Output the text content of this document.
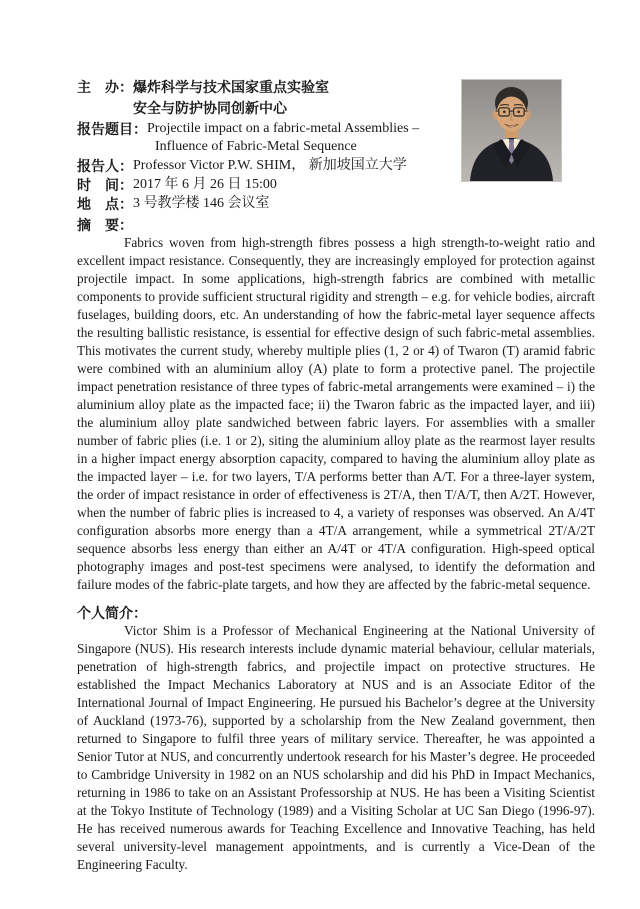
主　办：爆炸科学与技术国家重点实验室
安全与防护协同创新中心
报告题目：Projectile impact on a fabric-metal Assemblies –
Influence of Fabric-Metal Sequence
报告人：Professor Victor P.W. SHIM， 新加坡国立大学
时　间：2017 年 6 月 26 日 15:00
地　点：3 号教学楼 146 会议室
摘　要：

Fabrics woven from high-strength fibres possess a high strength-to-weight ratio and excellent impact resistance. Consequently, they are increasingly employed for protection against projectile impact. In some applications, high-strength fabrics are combined with metallic components to provide sufficient structural rigidity and strength – e.g. for vehicle bodies, aircraft fuselages, building doors, etc. An understanding of how the fabric-metal layer sequence affects the resulting ballistic resistance, is essential for effective design of such fabric-metal assemblies. This motivates the current study, whereby multiple plies (1, 2 or 4) of Twaron (T) aramid fabric were combined with an aluminium alloy (A) plate to form a protective panel. The projectile impact penetration resistance of three types of fabric-metal arrangements were examined – i) the aluminium alloy plate as the impacted face; ii) the Twaron fabric as the impacted layer, and iii) the aluminium alloy plate sandwiched between fabric layers. For assemblies with a smaller number of fabric plies (i.e. 1 or 2), siting the aluminium alloy plate as the rearmost layer results in a higher impact energy absorption capacity, compared to having the aluminium alloy plate as the impacted layer – i.e. for two layers, T/A performs better than A/T. For a three-layer system, the order of impact resistance in order of effectiveness is 2T/A, then T/A/T, then A/2T. However, when the number of fabric plies is increased to 4, a variety of responses was observed. An A/4T configuration absorbs more energy than a 4T/A arrangement, while a symmetrical 2T/A/2T sequence absorbs less energy than either an A/4T or 4T/A configuration. High-speed optical photography images and post-test specimens were analysed, to identify the deformation and failure modes of the fabric-plate targets, and how they are affected by the fabric-metal sequence.

个人简介：

Victor Shim is a Professor of Mechanical Engineering at the National University of Singapore (NUS). His research interests include dynamic material behaviour, cellular materials, penetration of high-strength fabrics, and projectile impact on protective structures. He established the Impact Mechanics Laboratory at NUS and is an Associate Editor of the International Journal of Impact Engineering. He pursued his Bachelor’s degree at the University of Auckland (1973-76), supported by a scholarship from the New Zealand government, then returned to Singapore to fulfil three years of military service. Thereafter, he was appointed a Senior Tutor at NUS, and concurrently undertook research for his Master’s degree. He proceeded to Cambridge University in 1982 on an NUS scholarship and did his PhD in Impact Mechanics, returning in 1986 to take on an Assistant Professorship at NUS. He has been a Visiting Scientist at the Tokyo Institute of Technology (1989) and a Visiting Scholar at UC San Diego (1996-97). He has received numerous awards for Teaching Excellence and Innovative Teaching, has held several university-level management appointments, and is currently a Vice-Dean of the Engineering Faculty.
